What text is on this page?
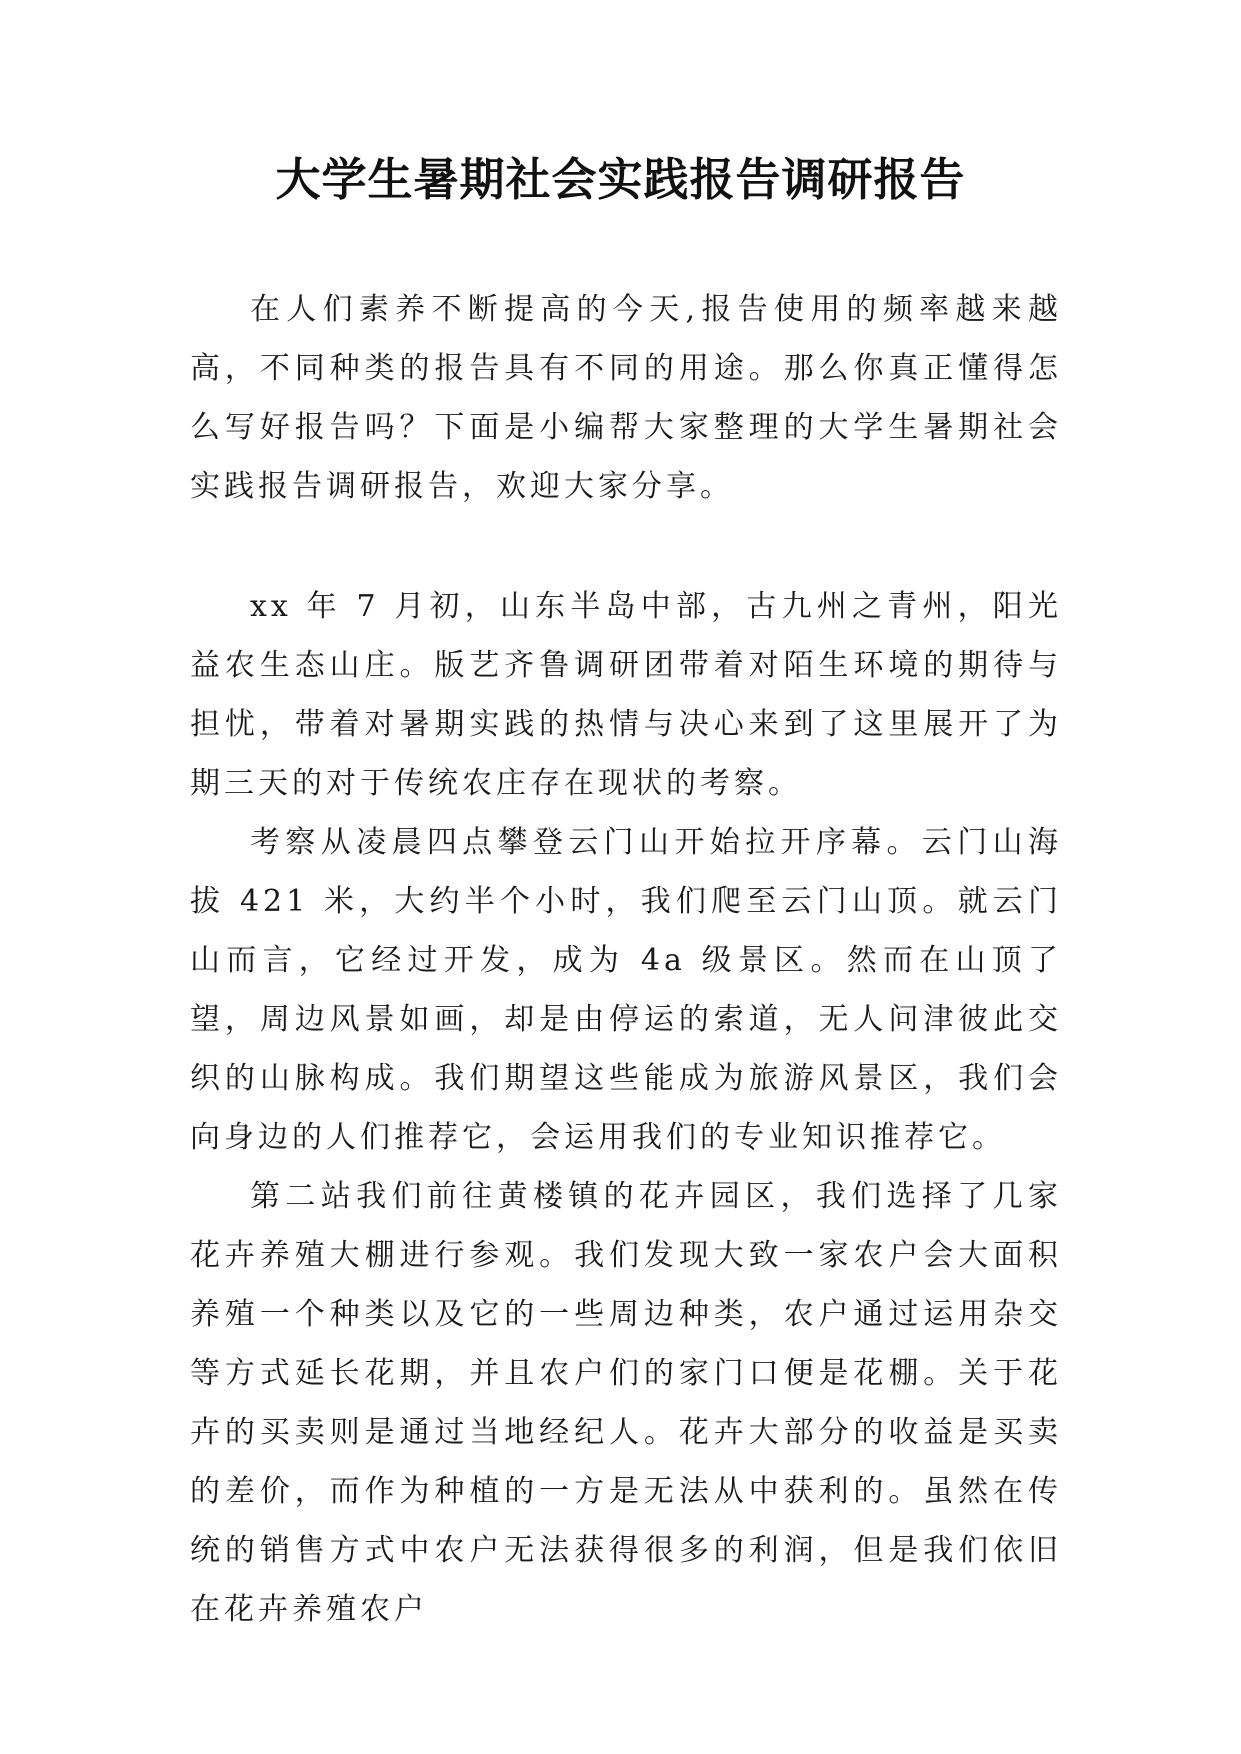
大学生暑期社会实践报告调研报告

在人们素养不断提高的今天,报告使用的频率越来越高，不同种类的报告具有不同的用途。那么你真正懂得怎么写好报告吗？下面是小编帮大家整理的大学生暑期社会实践报告调研报告，欢迎大家分享。

xx 年 7 月初，山东半岛中部，古九州之青州，阳光益农生态山庄。版艺齐鲁调研团带着对陌生环境的期待与担忧，带着对暑期实践的热情与决心来到了这里展开了为期三天的对于传统农庄存在现状的考察。

考察从凌晨四点攀登云门山开始拉开序幕。云门山海拔 421 米，大约半个小时，我们爬至云门山顶。就云门山而言，它经过开发，成为 4a 级景区。然而在山顶了望，周边风景如画，却是由停运的索道，无人问津彼此交织的山脉构成。我们期望这些能成为旅游风景区，我们会向身边的人们推荐它，会运用我们的专业知识推荐它。

第二站我们前往黄楼镇的花卉园区，我们选择了几家花卉养殖大棚进行参观。我们发现大致一家农户会大面积养殖一个种类以及它的一些周边种类，农户通过运用杂交等方式延长花期，并且农户们的家门口便是花棚。关于花卉的买卖则是通过当地经纪人。花卉大部分的收益是买卖的差价，而作为种植的一方是无法从中获利的。虽然在传统的销售方式中农户无法获得很多的利润，但是我们依旧在花卉养殖农户
